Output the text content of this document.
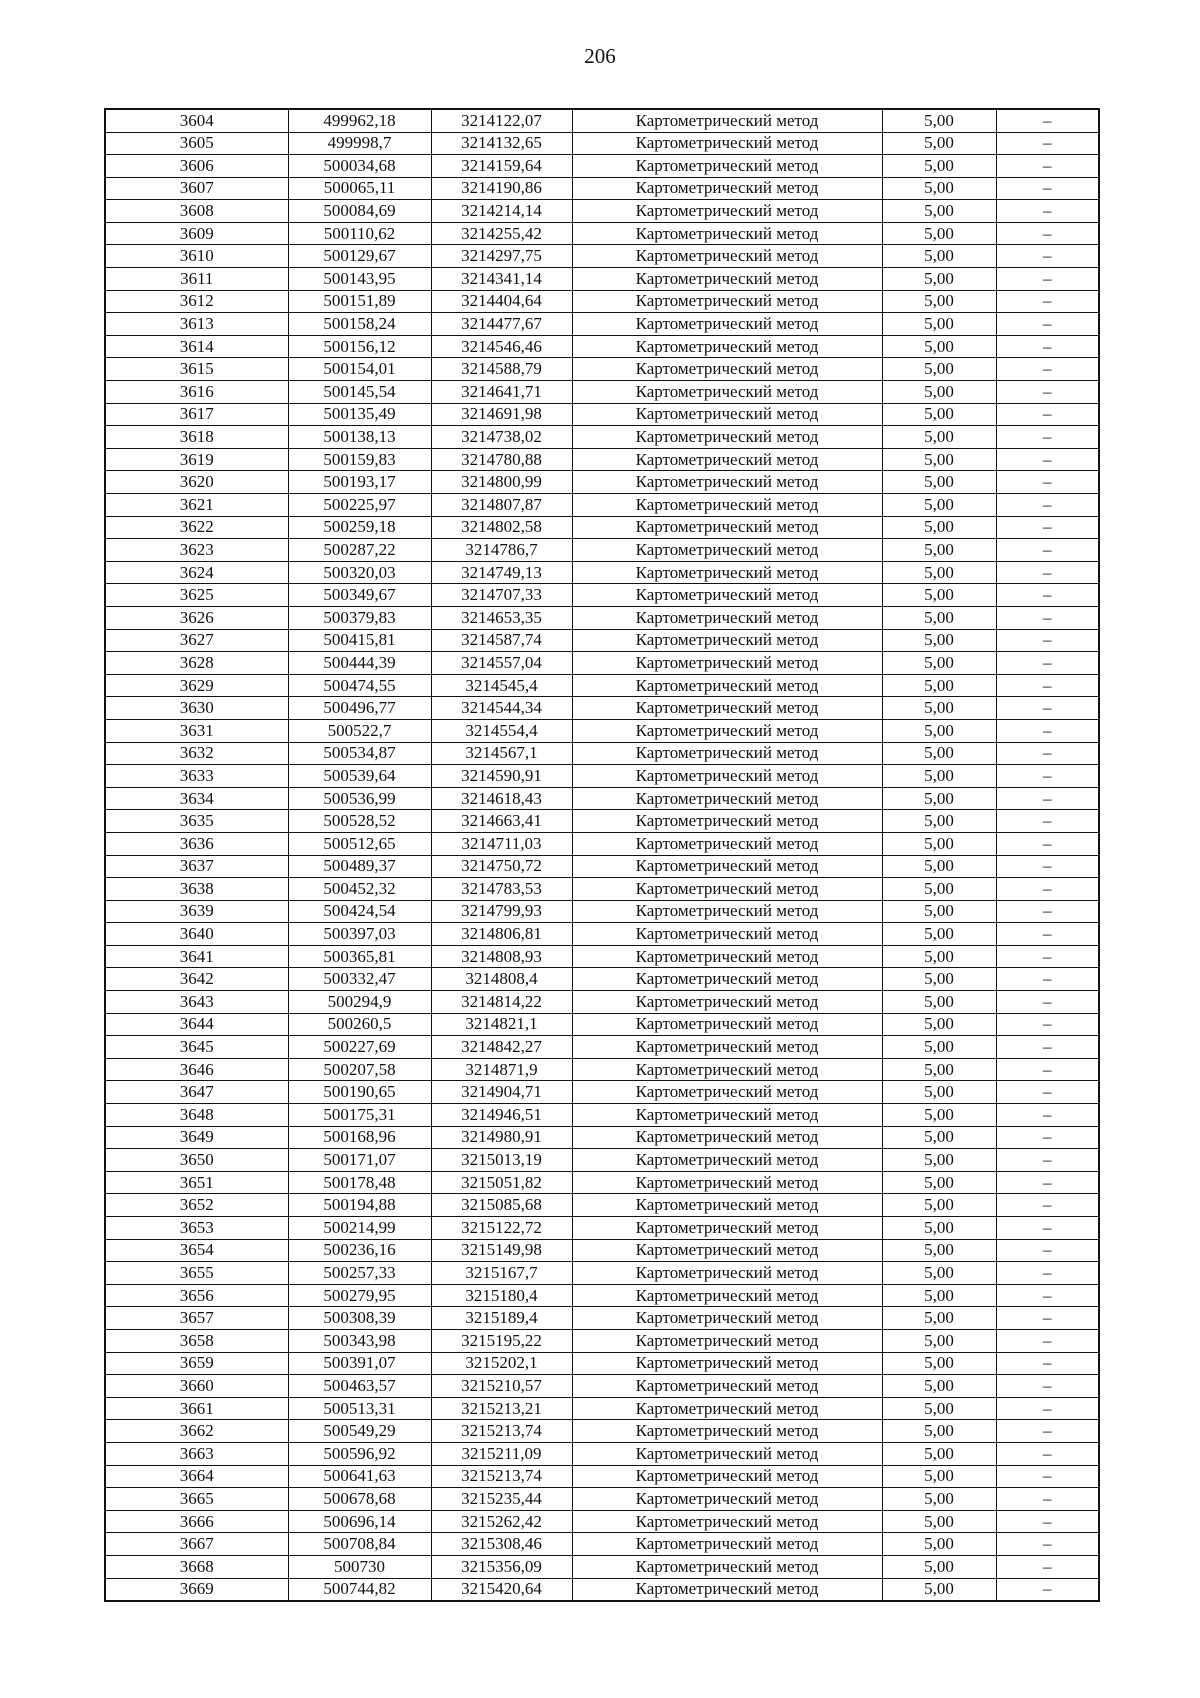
206
3604	499962,18	3214122,07	Картометрический метод	5,00	–
3605	499998,7	3214132,65	Картометрический метод	5,00	–
3606	500034,68	3214159,64	Картометрический метод	5,00	–
3607	500065,11	3214190,86	Картометрический метод	5,00	–
3608	500084,69	3214214,14	Картометрический метод	5,00	–
3609	500110,62	3214255,42	Картометрический метод	5,00	–
3610	500129,67	3214297,75	Картометрический метод	5,00	–
3611	500143,95	3214341,14	Картометрический метод	5,00	–
3612	500151,89	3214404,64	Картометрический метод	5,00	–
3613	500158,24	3214477,67	Картометрический метод	5,00	–
3614	500156,12	3214546,46	Картометрический метод	5,00	–
3615	500154,01	3214588,79	Картометрический метод	5,00	–
3616	500145,54	3214641,71	Картометрический метод	5,00	–
3617	500135,49	3214691,98	Картометрический метод	5,00	–
3618	500138,13	3214738,02	Картометрический метод	5,00	–
3619	500159,83	3214780,88	Картометрический метод	5,00	–
3620	500193,17	3214800,99	Картометрический метод	5,00	–
3621	500225,97	3214807,87	Картометрический метод	5,00	–
3622	500259,18	3214802,58	Картометрический метод	5,00	–
3623	500287,22	3214786,7	Картометрический метод	5,00	–
3624	500320,03	3214749,13	Картометрический метод	5,00	–
3625	500349,67	3214707,33	Картометрический метод	5,00	–
3626	500379,83	3214653,35	Картометрический метод	5,00	–
3627	500415,81	3214587,74	Картометрический метод	5,00	–
3628	500444,39	3214557,04	Картометрический метод	5,00	–
3629	500474,55	3214545,4	Картометрический метод	5,00	–
3630	500496,77	3214544,34	Картометрический метод	5,00	–
3631	500522,7	3214554,4	Картометрический метод	5,00	–
3632	500534,87	3214567,1	Картометрический метод	5,00	–
3633	500539,64	3214590,91	Картометрический метод	5,00	–
3634	500536,99	3214618,43	Картометрический метод	5,00	–
3635	500528,52	3214663,41	Картометрический метод	5,00	–
3636	500512,65	3214711,03	Картометрический метод	5,00	–
3637	500489,37	3214750,72	Картометрический метод	5,00	–
3638	500452,32	3214783,53	Картометрический метод	5,00	–
3639	500424,54	3214799,93	Картометрический метод	5,00	–
3640	500397,03	3214806,81	Картометрический метод	5,00	–
3641	500365,81	3214808,93	Картометрический метод	5,00	–
3642	500332,47	3214808,4	Картометрический метод	5,00	–
3643	500294,9	3214814,22	Картометрический метод	5,00	–
3644	500260,5	3214821,1	Картометрический метод	5,00	–
3645	500227,69	3214842,27	Картометрический метод	5,00	–
3646	500207,58	3214871,9	Картометрический метод	5,00	–
3647	500190,65	3214904,71	Картометрический метод	5,00	–
3648	500175,31	3214946,51	Картометрический метод	5,00	–
3649	500168,96	3214980,91	Картометрический метод	5,00	–
3650	500171,07	3215013,19	Картометрический метод	5,00	–
3651	500178,48	3215051,82	Картометрический метод	5,00	–
3652	500194,88	3215085,68	Картометрический метод	5,00	–
3653	500214,99	3215122,72	Картометрический метод	5,00	–
3654	500236,16	3215149,98	Картометрический метод	5,00	–
3655	500257,33	3215167,7	Картометрический метод	5,00	–
3656	500279,95	3215180,4	Картометрический метод	5,00	–
3657	500308,39	3215189,4	Картометрический метод	5,00	–
3658	500343,98	3215195,22	Картометрический метод	5,00	–
3659	500391,07	3215202,1	Картометрический метод	5,00	–
3660	500463,57	3215210,57	Картометрический метод	5,00	–
3661	500513,31	3215213,21	Картометрический метод	5,00	–
3662	500549,29	3215213,74	Картометрический метод	5,00	–
3663	500596,92	3215211,09	Картометрический метод	5,00	–
3664	500641,63	3215213,74	Картометрический метод	5,00	–
3665	500678,68	3215235,44	Картометрический метод	5,00	–
3666	500696,14	3215262,42	Картометрический метод	5,00	–
3667	500708,84	3215308,46	Картометрический метод	5,00	–
3668	500730	3215356,09	Картометрический метод	5,00	–
3669	500744,82	3215420,64	Картометрический метод	5,00	–
